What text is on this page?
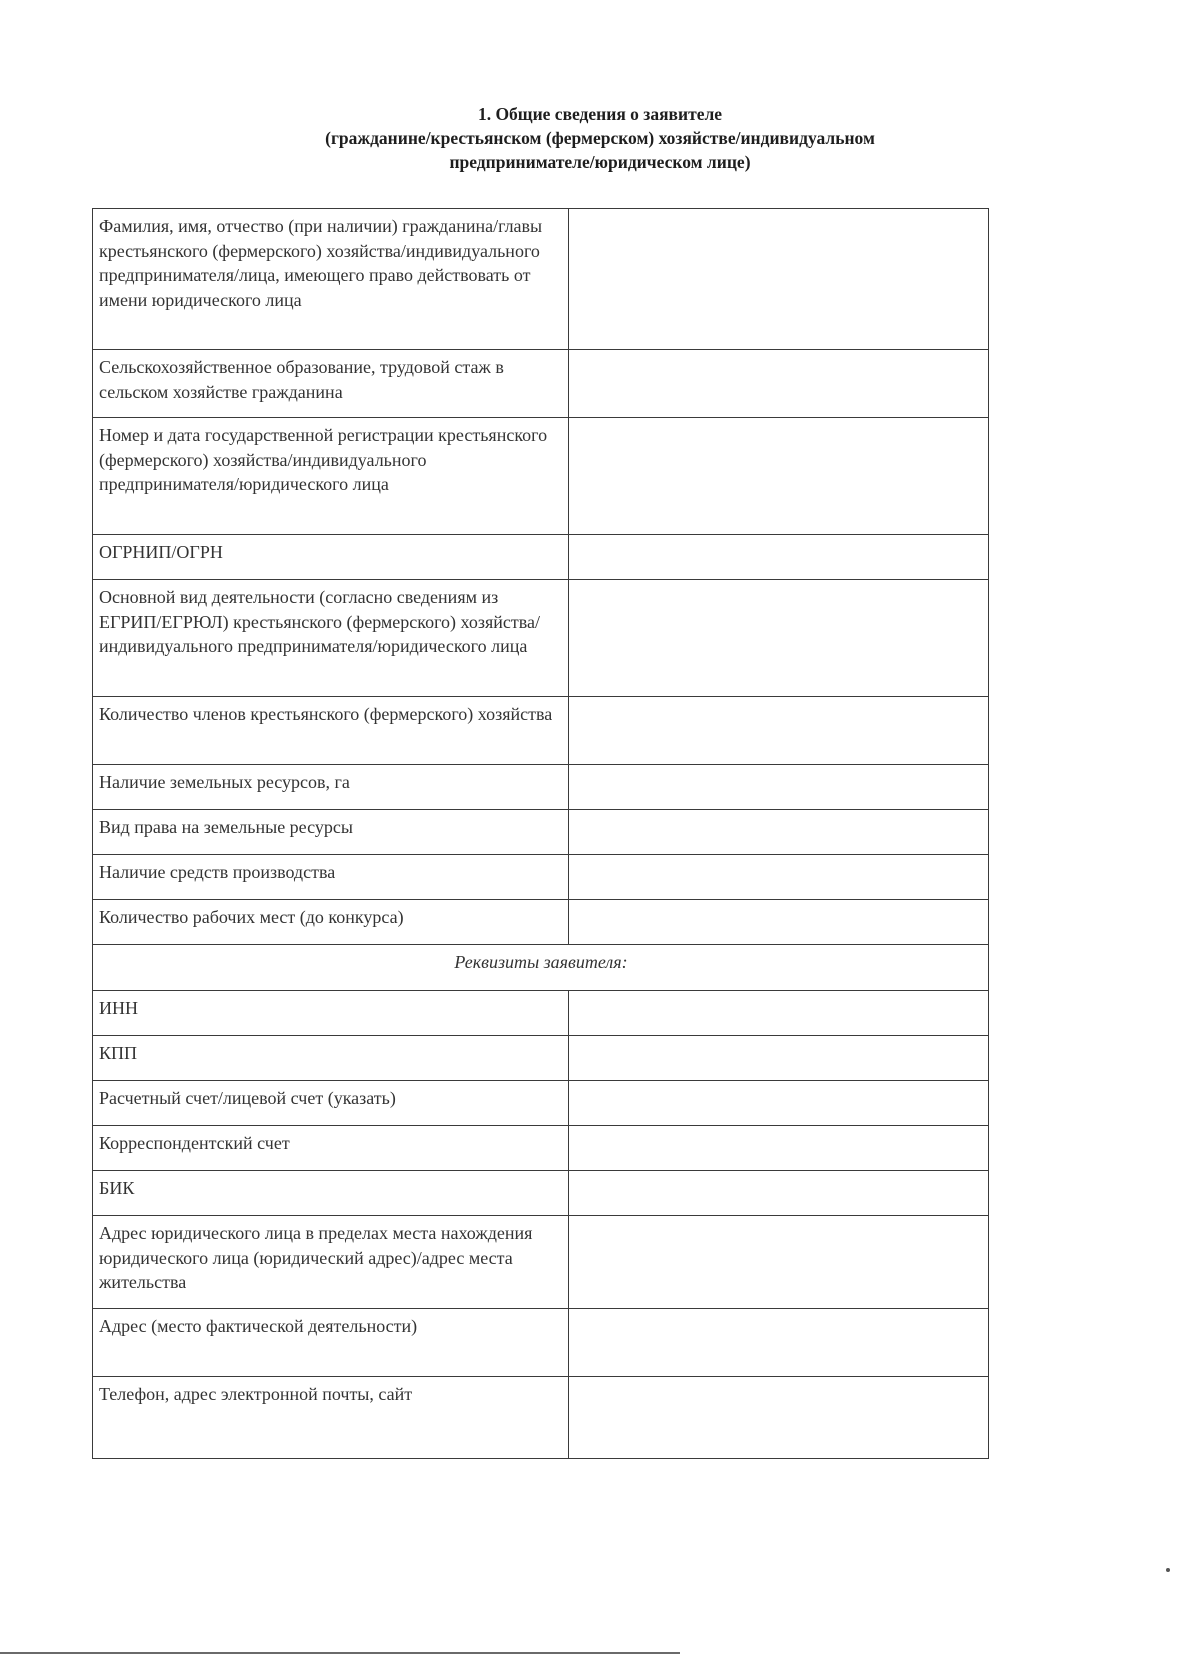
1. Общие сведения о заявителе
(гражданине/крестьянском (фермерском) хозяйстве/индивидуальном
предпринимателе/юридическом лице)
Фамилия, имя, отчество (при наличии) гражданина/главы крестьянского (фермерского) хозяйства/индивидуального предпринимателя/лица, имеющего право действовать от имени юридического лица	
Сельскохозяйственное образование, трудовой стаж в сельском хозяйстве гражданина	
Номер и дата государственной регистрации крестьянского (фермерского) хозяйства/индивидуального предпринимателя/юридического лица	
ОГРНИП/ОГРН	
Основной вид деятельности (согласно сведениям из ЕГРИП/ЕГРЮЛ) крестьянского (фермерского) хозяйства/индивидуального предпринимателя/юридического лица	
Количество членов крестьянского (фермерского) хозяйства	
Наличие земельных ресурсов, га	
Вид права на земельные ресурсы	
Наличие средств производства	
Количество рабочих мест (до конкурса)	
Реквизиты заявителя:	
ИНН	
КПП	
Расчетный счет/лицевой счет (указать)	
Корреспондентский счет	
БИК	
Адрес юридического лица в пределах места нахождения юридического лица (юридический адрес)/адрес места жительства	
Адрес (место фактической деятельности)	
Телефон, адрес электронной почты, сайт	
